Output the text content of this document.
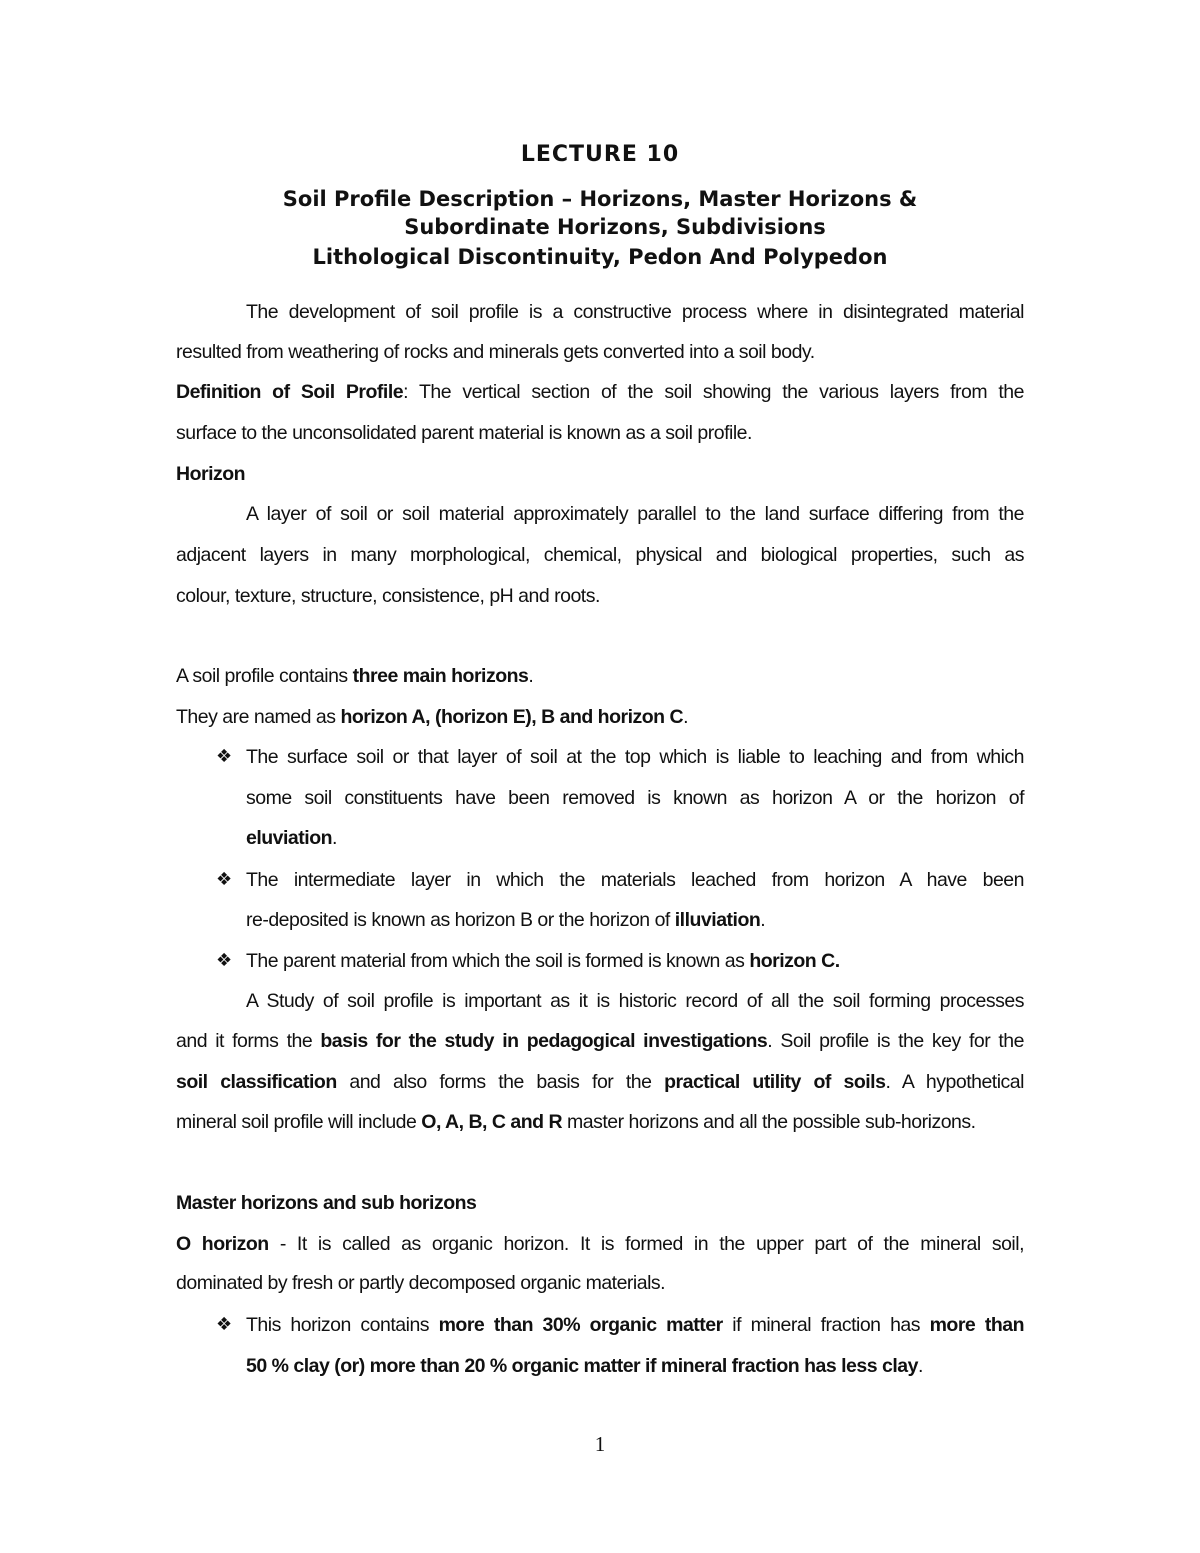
LECTURE 10
Soil Profile Description – Horizons, Master Horizons &
Subordinate Horizons, Subdivisions
Lithological Discontinuity, Pedon And Polypedon
The development of soil profile is a constructive process where in disintegrated material
resulted from weathering of rocks and minerals gets converted into a soil body.
Definition of Soil Profile: The vertical section of the soil showing the various layers from the
surface to the unconsolidated parent material is known as a soil profile.
Horizon
A layer of soil or soil material approximately parallel to the land surface differing from the
adjacent layers in many morphological, chemical, physical and biological properties, such as
colour, texture, structure, consistence, pH and roots.
A soil profile contains three main horizons.
They are named as horizon A, (horizon E), B and horizon C.
❖ The surface soil or that layer of soil at the top which is liable to leaching and from which
some soil constituents have been removed is known as horizon A or the horizon of
eluviation.
❖ The intermediate layer in which the materials leached from horizon A have been
re-deposited is known as horizon B or the horizon of illuviation.
❖ The parent material from which the soil is formed is known as horizon C.
A Study of soil profile is important as it is historic record of all the soil forming processes
and it forms the basis for the study in pedagogical investigations. Soil profile is the key for the
soil classification and also forms the basis for the practical utility of soils. A hypothetical
mineral soil profile will include O, A, B, C and R master horizons and all the possible sub-horizons.
Master horizons and sub horizons
O horizon - It is called as organic horizon. It is formed in the upper part of the mineral soil,
dominated by fresh or partly decomposed organic materials.
❖ This horizon contains more than 30% organic matter if mineral fraction has more than
50 % clay (or) more than 20 % organic matter if mineral fraction has less clay.
1
